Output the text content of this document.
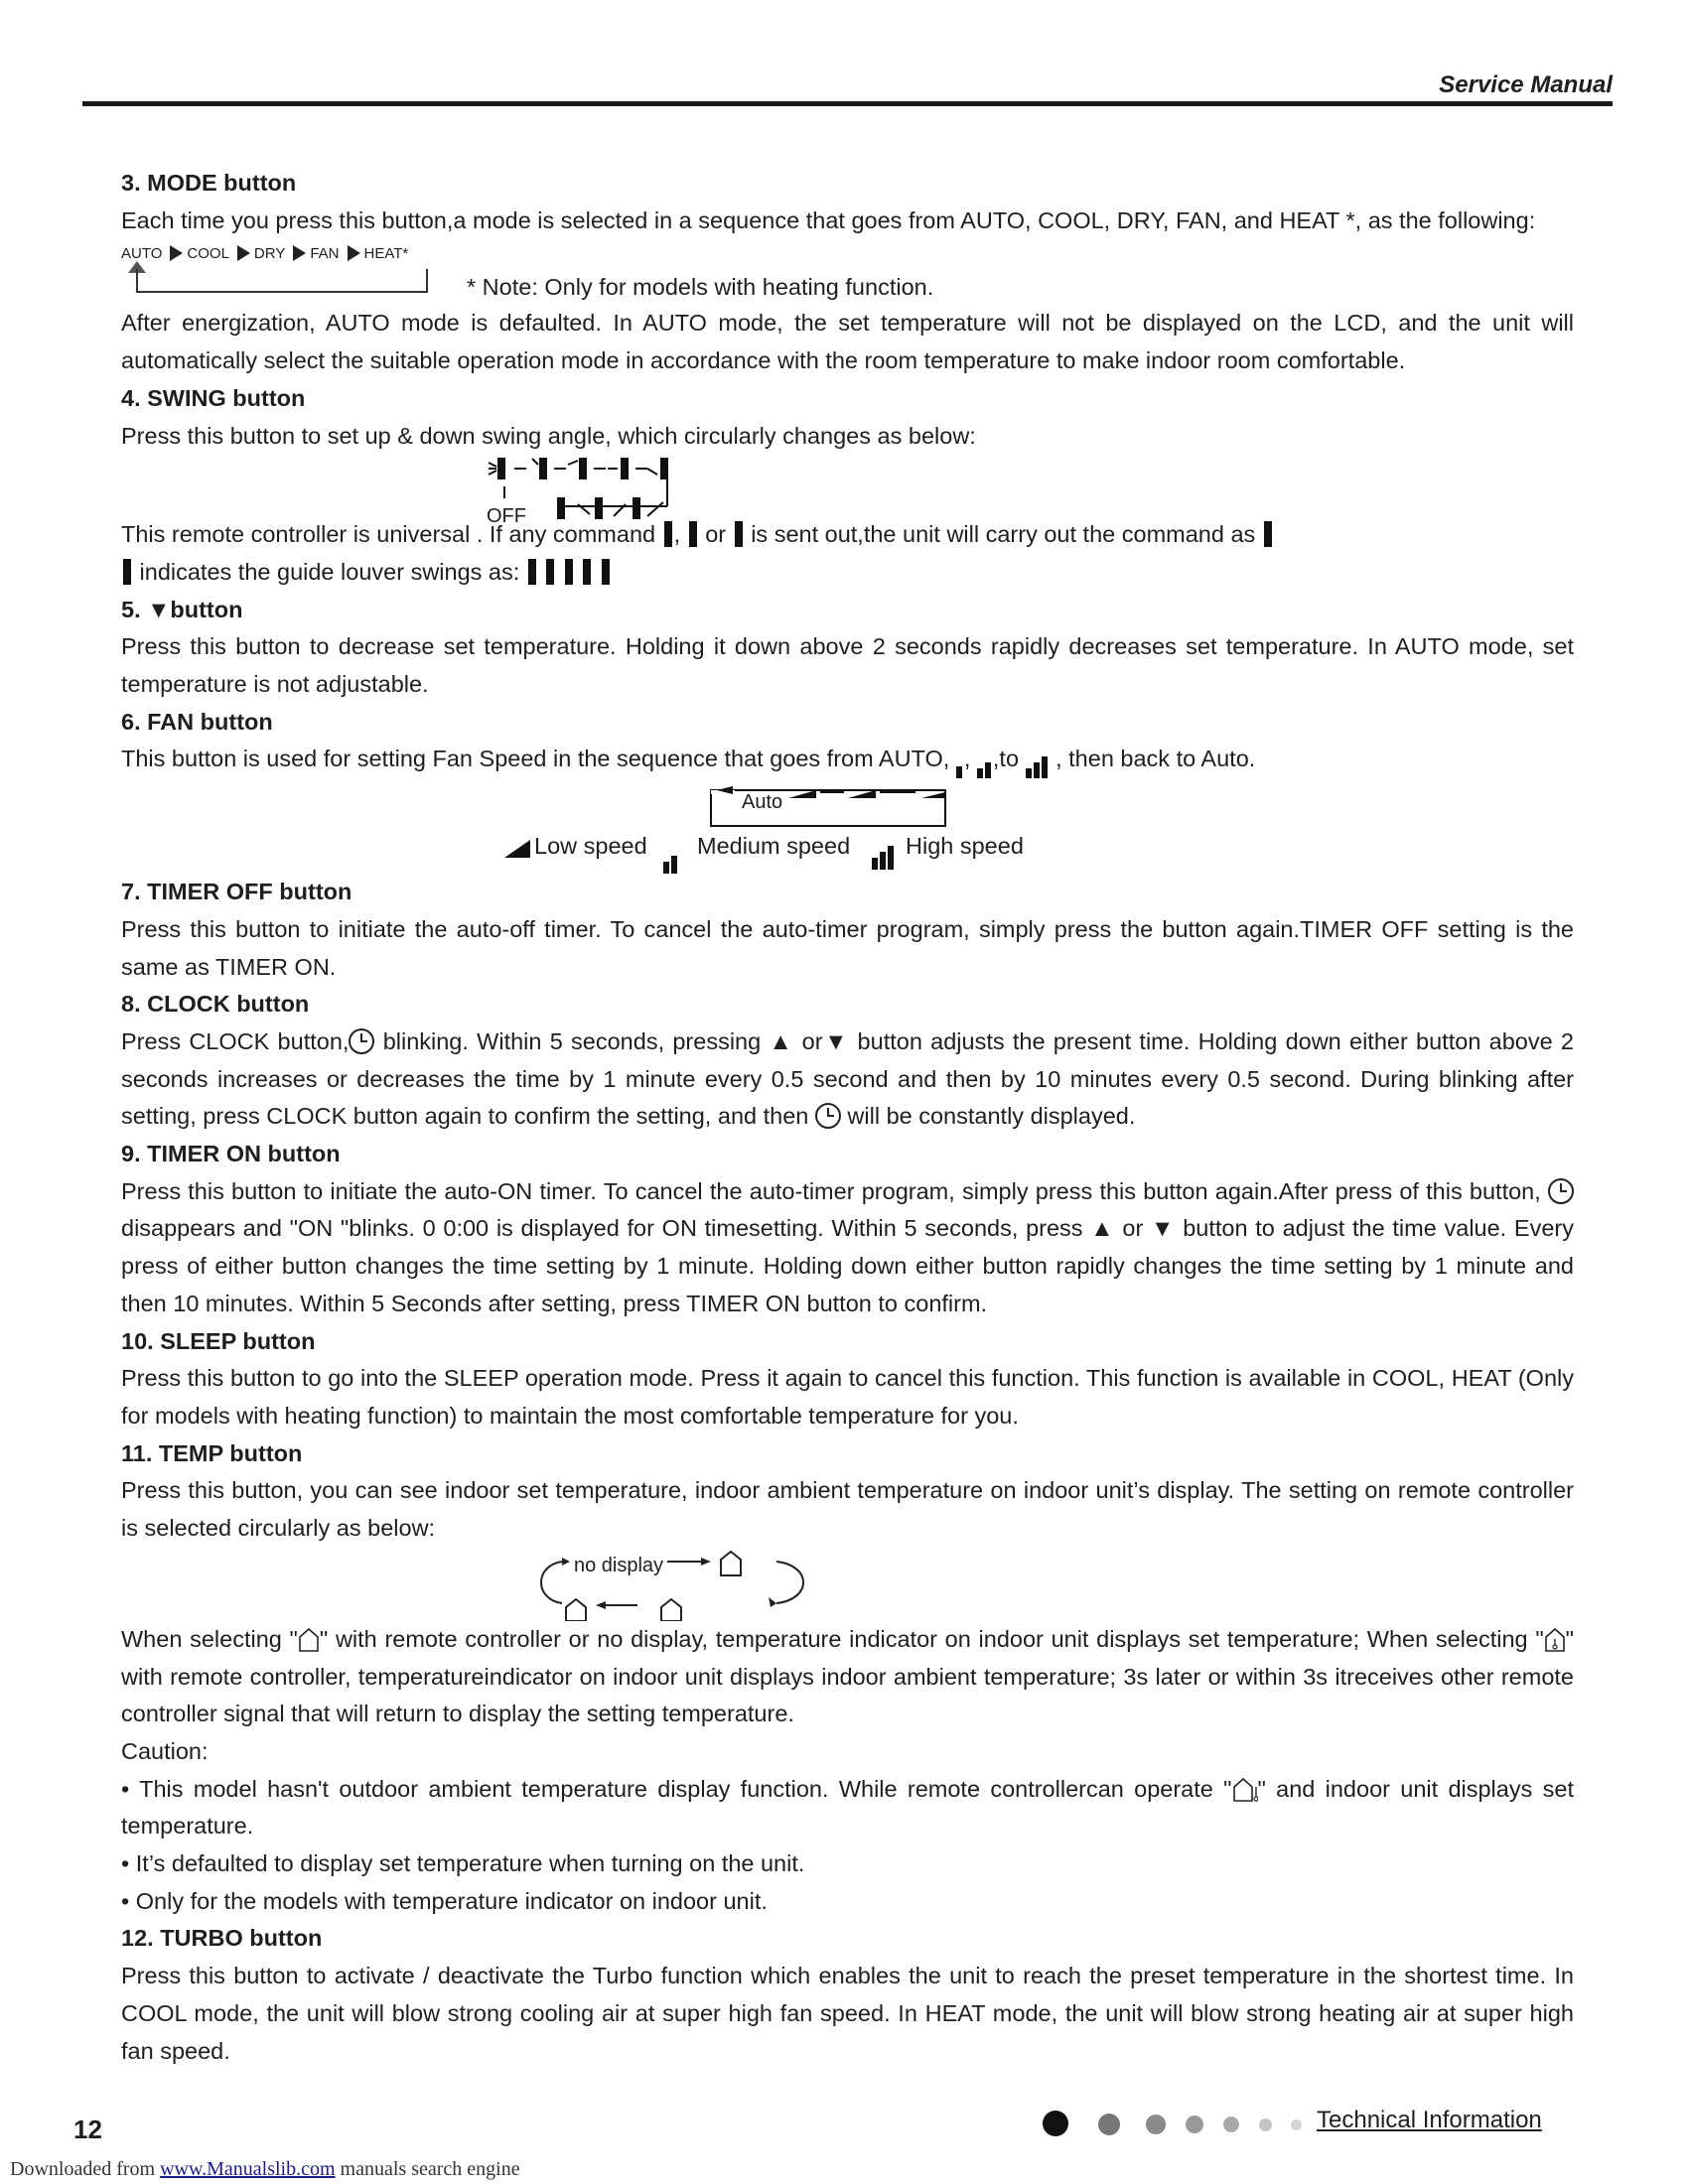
Service Manual
3. MODE button

Each time you press this button,a mode is selected in a sequence that goes from AUTO, COOL, DRY, FAN, and HEAT *, as the following:

AUTO COOL DRY FAN HEAT*
* Note: Only for models with heating function.

After energization, AUTO mode is defaulted. In AUTO mode, the set temperature will not be displayed on the LCD, and the unit will automatically select the suitable operation mode in accordance with the room temperature to make indoor room comfortable.

4. SWING button

Press this button to set up & down swing angle, which circularly changes as below:

OFF

This remote controller is universal . If any command , or is sent out,the unit will carry out the command as

indicates the guide louver swings as:

5. ▼button

Press this button to decrease set temperature. Holding it down above 2 seconds rapidly decreases set temperature. In AUTO mode, set temperature is not adjustable.

6. FAN button

This button is used for setting Fan Speed in the sequence that goes from AUTO, , ,to , then back to Auto.

Auto
Low speed Medium speed High speed
7. TIMER OFF button

Press this button to initiate the auto-off timer. To cancel the auto-timer program, simply press the button again.TIMER OFF setting is the same as TIMER ON.

8. CLOCK button

Press CLOCK button, blinking. Within 5 seconds, pressing ▲ or▼ button adjusts the present time. Holding down either button above 2 seconds increases or decreases the time by 1 minute every 0.5 second and then by 10 minutes every 0.5 second. During blinking after setting, press CLOCK button again to confirm the setting, and then will be constantly displayed.

9. TIMER ON button

Press this button to initiate the auto-ON timer. To cancel the auto-timer program, simply press this button again.After press of this button,  disappears and "ON "blinks. 0 0:00 is displayed for ON timesetting. Within 5 seconds, press ▲ or ▼ button to adjust the time value. Every press of either button changes the time setting by 1 minute. Holding down either button rapidly changes the time setting by 1 minute and then 10 minutes. Within 5 Seconds after setting, press TIMER ON button to confirm.

10. SLEEP button

Press this button to go into the SLEEP operation mode. Press it again to cancel this function. This function is available in COOL, HEAT (Only for models with heating function) to maintain the most comfortable temperature for you.

11. TEMP button

Press this button, you can see indoor set temperature, indoor ambient temperature on indoor unit’s display. The setting on remote controller is selected circularly as below:

no display

When selecting " " with remote controller or no display, temperature indicator on indoor unit displays set temperature; When selecting " " with remote controller, temperatureindicator on indoor unit displays indoor ambient temperature; 3s later or within 3s itreceives other remote controller signal that will return to display the setting temperature.

Caution:

• This model hasn't outdoor ambient temperature display function. While remote controllercan operate " " and indoor unit displays set temperature.

• It’s defaulted to display set temperature when turning on the unit.

• Only for the models with temperature indicator on indoor unit.

12. TURBO button

Press this button to activate / deactivate the Turbo function which enables the unit to reach the preset temperature in the shortest time. In COOL mode, the unit will blow strong cooling air at super high fan speed. In HEAT mode, the unit will blow strong heating air at super high fan speed.

12	Technical Information
Downloaded from www.Manualslib.com manuals search engine
